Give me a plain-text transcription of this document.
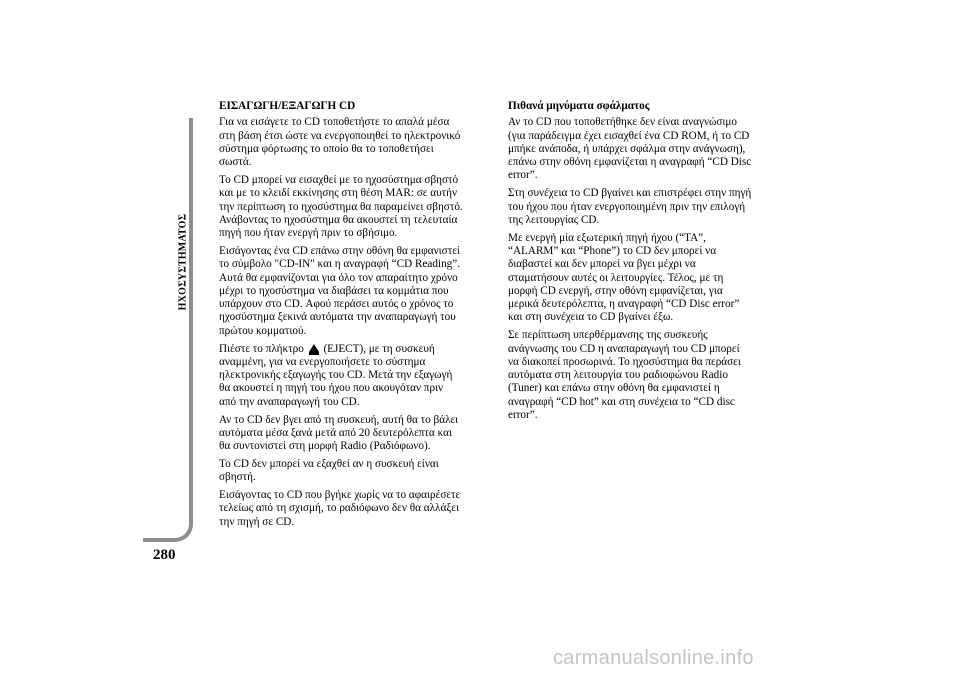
ΗΧΟΣΥΣΤΗΜΑΤΟΣ
280
ΕΙΣΑΓΩΓΗ/ΕΞΑΓΩΓΗ CD
Για να εισάγετε το CD τοποθετήστε το απαλά μέσα
στη βάση έτσι ώστε να ενεργοποιηθεί το ηλεκτρονικό
σύστημα φόρτωσης το οποίο θα το τοποθετήσει
σωστά.
Το CD μπορεί να εισαχθεί με το ηχοσύστημα σβηστό
και με το κλειδί εκκίνησης στη θέση MAR: σε αυτήν
την περίπτωση το ηχοσύστημα θα παραμείνει σβηστό.
Ανάβοντας το ηχοσύστημα θα ακουστεί τη τελευταία
πηγή που ήταν ενεργή πριν το σβήσιμο.
Εισάγοντας ένα CD επάνω στην οθόνη θα εμφανιστεί
το σύμβολο "CD-IN" και η αναγραφή “CD Reading”.
Αυτά θα εμφανίζονται για όλο τον απαραίτητο χρόνο
μέχρι το ηχοσύστημα να διαβάσει τα κομμάτια που
υπάρχουν στο CD. Αφού περάσει αυτός ο χρόνος το
ηχοσύστημα ξεκινά αυτόματα την αναπαραγωγή του
πρώτου κομματιού.
Πιέστε το πλήκτρο (EJECT), με τη συσκευή
αναμμένη, για να ενεργοποιήσετε το σύστημα
ηλεκτρονικής εξαγωγής του CD. Μετά την εξαγωγή
θα ακουστεί η πηγή του ήχου που ακουγόταν πριν
από την αναπαραγωγή του CD.
Αν το CD δεν βγει από τη συσκευή, αυτή θα το βάλει
αυτόματα μέσα ξανά μετά από 20 δευτερόλεπτα και
θα συντονιστεί στη μορφή Radio (Ραδιόφωνο).
Το CD δεν μπορεί να εξαχθεί αν η συσκευή είναι
σβηστή.
Εισάγοντας το CD που βγήκε χωρίς να το αφαιρέσετε
τελείως από τη σχισμή, το ραδιόφωνο δεν θα αλλάξει
την πηγή σε CD.
Πιθανά μηνύματα σφάλματος
Αν το CD που τοποθετήθηκε δεν είναι αναγνώσιμο
(για παράδειγμα έχει εισαχθεί ένα CD ROM, ή το CD
μπήκε ανάποδα, ή υπάρχει σφάλμα στην ανάγνωση),
επάνω στην οθόνη εμφανίζεται η αναγραφή “CD Disc
error”.
Στη συνέχεια το CD βγαίνει και επιστρέφει στην πηγή
του ήχου που ήταν ενεργοποιημένη πριν την επιλογή
της λειτουργίας CD.
Με ενεργή μία εξωτερική πηγή ήχου (“TA”,
“ALARM” και “Phone”) το CD δεν μπορεί να
διαβαστεί και δεν μπορεί να βγει μέχρι να
σταματήσουν αυτές οι λειτουργίες. Τέλος, με τη
μορφή CD ενεργή, στην οθόνη εμφανίζεται, για
μερικά δευτερόλεπτα, η αναγραφή “CD Disc error”
και στη συνέχεια το CD βγαίνει έξω.
Σε περίπτωση υπερθέρμανσης της συσκευής
ανάγνωσης του CD η αναπαραγωγή του CD μπορεί
να διακοπεί προσωρινά. Το ηχοσύστημα θα περάσει
αυτόματα στη λειτουργία του ραδιοφώνου Radio
(Tuner) και επάνω στην οθόνη θα εμφανιστεί η
αναγραφή “CD hot” και στη συνέχεια το “CD disc
error”.
carmanualsonline.info
